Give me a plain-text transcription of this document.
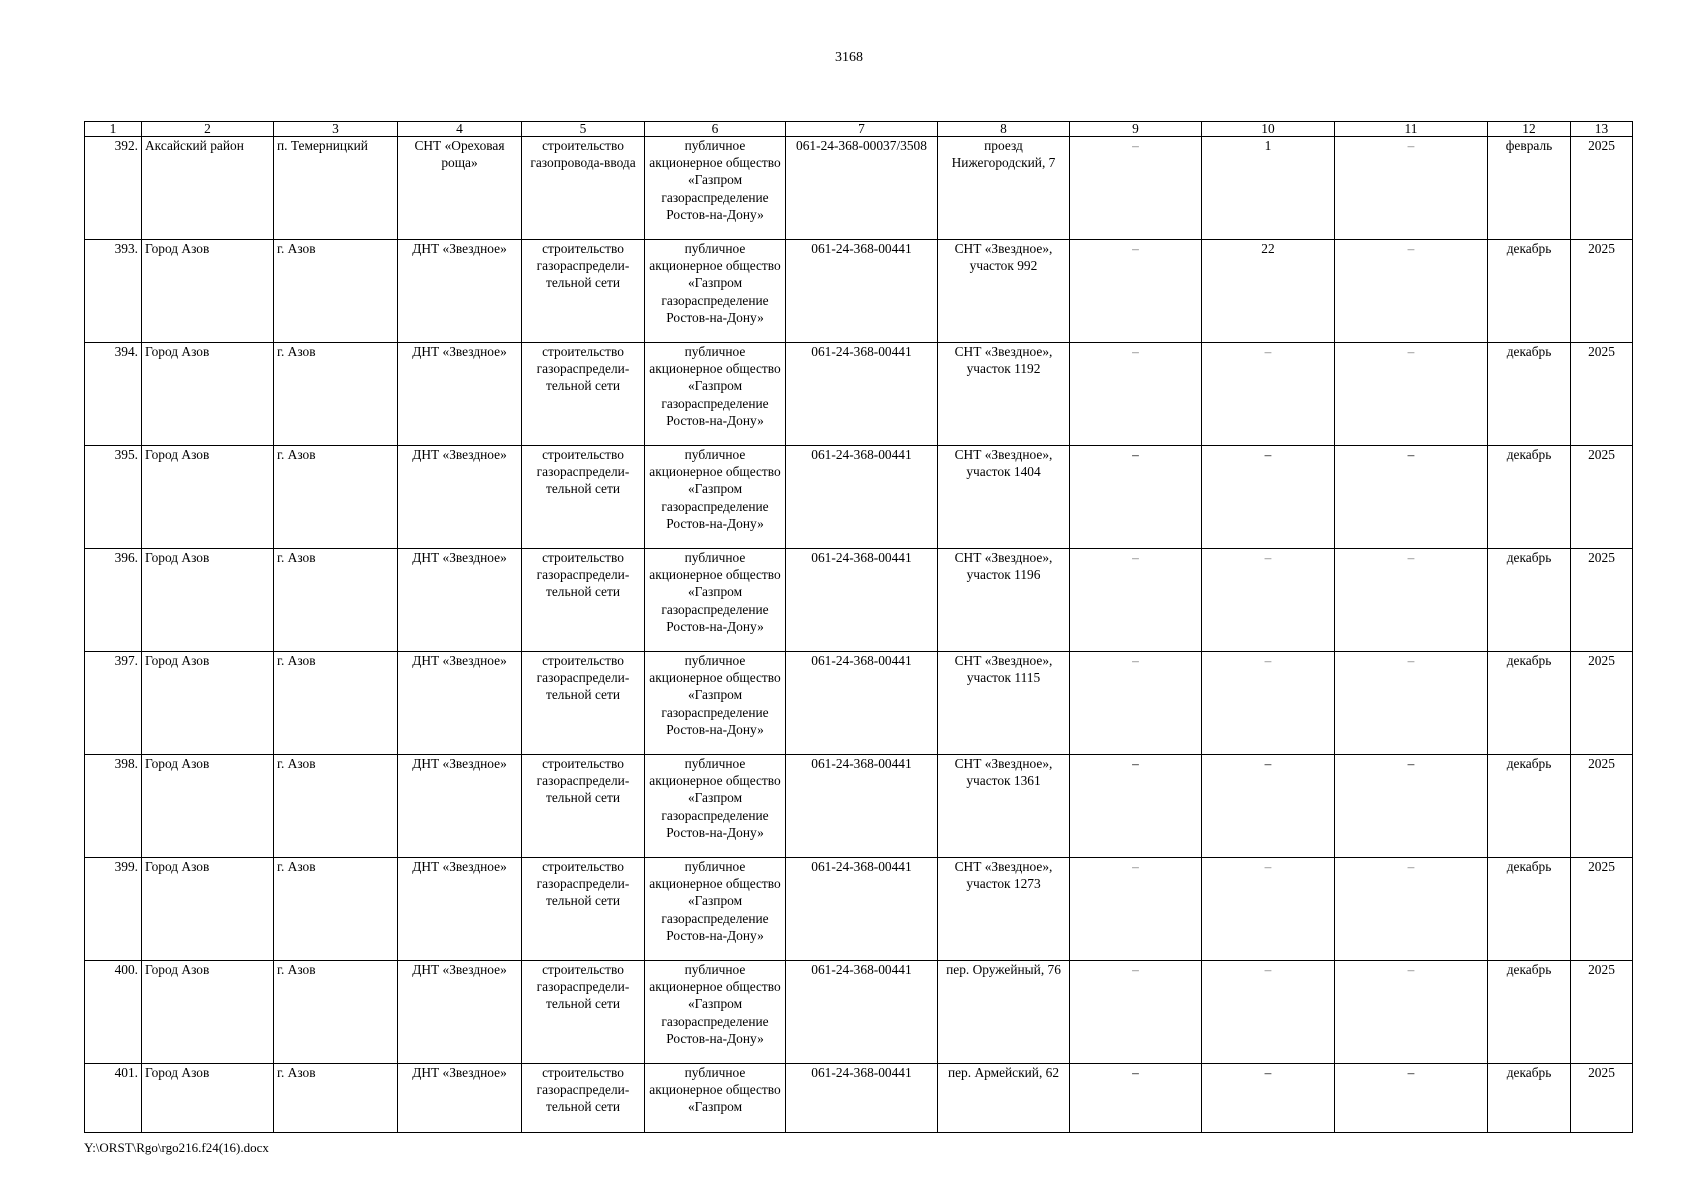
3168
1	2	3	4	5	6	7	8	9	10	11	12	13
392.	Аксайский район	п. Темерницкий	СНТ «Ореховая роща»	строительство газопровода-ввода	публичное акционерное общество «Газпром газораспределение Ростов-на-Дону»	061-24-368-00037/3508	проезд Нижегородский, 7	–	1	–	февраль	2025
393.	Город Азов	г. Азов	ДНТ «Звездное»	строительство газораспределительной сети	публичное акционерное общество «Газпром газораспределение Ростов-на-Дону»	061-24-368-00441	СНТ «Звездное», участок 992	–	22	–	декабрь	2025
394.	Город Азов	г. Азов	ДНТ «Звездное»	строительство газораспределительной сети	публичное акционерное общество «Газпром газораспределение Ростов-на-Дону»	061-24-368-00441	СНТ «Звездное», участок 1192	–	–	–	декабрь	2025
395.	Город Азов	г. Азов	ДНТ «Звездное»	строительство газораспределительной сети	публичное акционерное общество «Газпром газораспределение Ростов-на-Дону»	061-24-368-00441	СНТ «Звездное», участок 1404	–	–	–	декабрь	2025
396.	Город Азов	г. Азов	ДНТ «Звездное»	строительство газораспределительной сети	публичное акционерное общество «Газпром газораспределение Ростов-на-Дону»	061-24-368-00441	СНТ «Звездное», участок 1196	–	–	–	декабрь	2025
397.	Город Азов	г. Азов	ДНТ «Звездное»	строительство газораспределительной сети	публичное акционерное общество «Газпром газораспределение Ростов-на-Дону»	061-24-368-00441	СНТ «Звездное», участок 1115	–	–	–	декабрь	2025
398.	Город Азов	г. Азов	ДНТ «Звездное»	строительство газораспределительной сети	публичное акционерное общество «Газпром газораспределение Ростов-на-Дону»	061-24-368-00441	СНТ «Звездное», участок 1361	–	–	–	декабрь	2025
399.	Город Азов	г. Азов	ДНТ «Звездное»	строительство газораспределительной сети	публичное акционерное общество «Газпром газораспределение Ростов-на-Дону»	061-24-368-00441	СНТ «Звездное», участок 1273	–	–	–	декабрь	2025
400.	Город Азов	г. Азов	ДНТ «Звездное»	строительство газораспределительной сети	публичное акционерное общество «Газпром газораспределение Ростов-на-Дону»	061-24-368-00441	пер. Оружейный, 76	–	–	–	декабрь	2025
401.	Город Азов	г. Азов	ДНТ «Звездное»	строительство газораспределительной сети	публичное акционерное общество «Газпром	061-24-368-00441	пер. Армейский, 62	–	–	–	декабрь	2025
Y:\ORST\Rgo\rgo216.f24(16).docx
